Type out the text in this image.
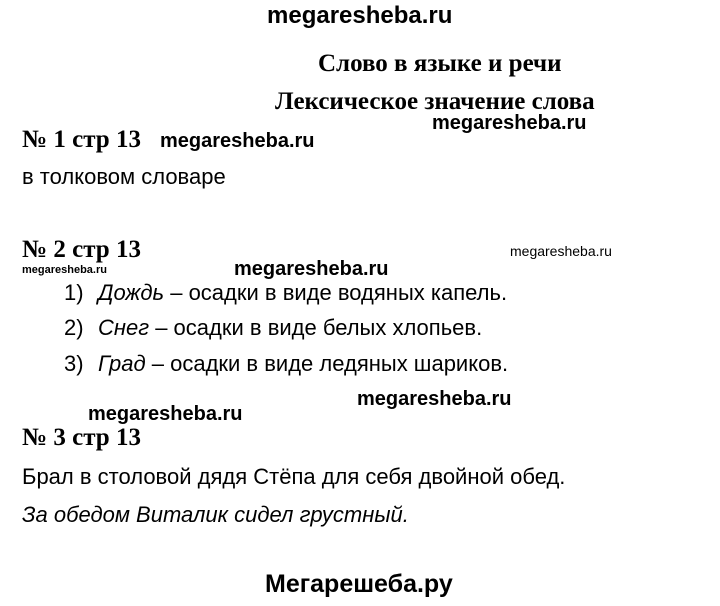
megaresheba.ru
Слово в языке и речи
Лексическое значение слова
№ 1 стр 13 megaresheba.ru
megaresheba.ru
в толковом словаре
№ 2 стр 13	megaresheba.ru
megaresheba.ru	megaresheba.ru
1) Дождь – осадки в виде водяных капель.
2) Снег – осадки в виде белых хлопьев.
3) Град – осадки в виде ледяных шариков.
megaresheba.ru
megaresheba.ru
№ 3 стр 13
Брал в столовой дядя Стёпа для себя двойной обед.
За обедом Виталик сидел грустный.
Мегарешеба.ру
